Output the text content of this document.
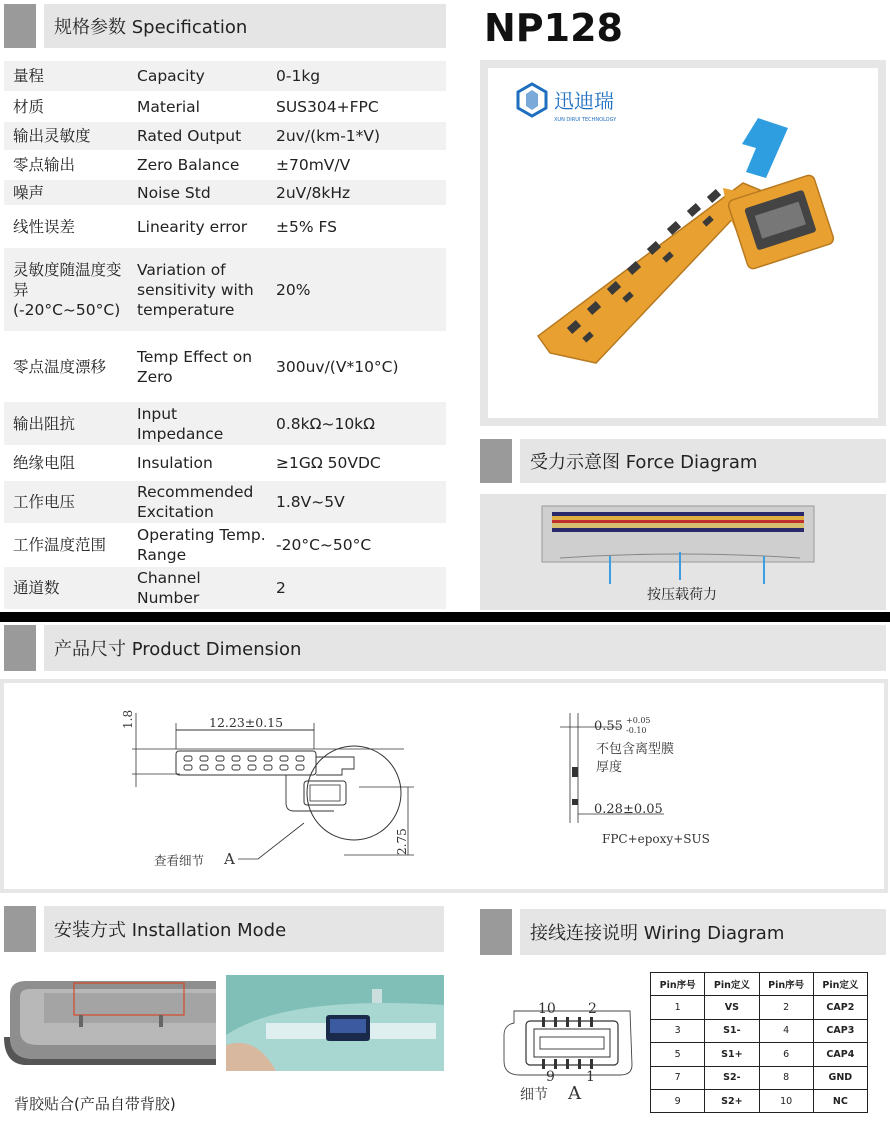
规格参数 Specification
量程	Capacity	0-1kg
材质	Material	SUS304+FPC
输出灵敏度	Rated Output	2uv/(km-1*V)
零点输出	Zero Balance	±70mV/V
噪声	Noise Std	2uV/8kHz
线性误差	Linearity error	±5% FS
灵敏度随温度变异(-20°C~50°C)	Variation of sensitivity with temperature	20%
零点温度漂移	Temp Effect on Zero	300uv/(V*10°C)
输出阻抗	Input Impedance	0.8kΩ~10kΩ
绝缘电阻	Insulation	≥1GΩ 50VDC
工作电压	Recommended Excitation	1.8V~5V
工作温度范围	Operating Temp. Range	-20°C~50°C
通道数	Channel Number	2
NP128
迅迪瑞
XUN DIRUI TECHNOLOGY
受力示意图 Force Diagram
按压载荷力
产品尺寸 Product Dimension
12.23±0.15
1.8
2.75
查看细节 A
0.55 +0.05
-0.10
不包含离型膜
厚度
0.28±0.05
FPC+epoxy+SUS
安装方式 Installation Mode
背胶贴合(产品自带背胶)
接线连接说明 Wiring Diagram
10 2
9 1
细节 A
Pin序号	Pin定义	Pin序号	Pin定义
1	VS	2	CAP2
3	S1-	4	CAP3
5	S1+	6	CAP4
7	S2-	8	GND
9	S2+	10	NC
